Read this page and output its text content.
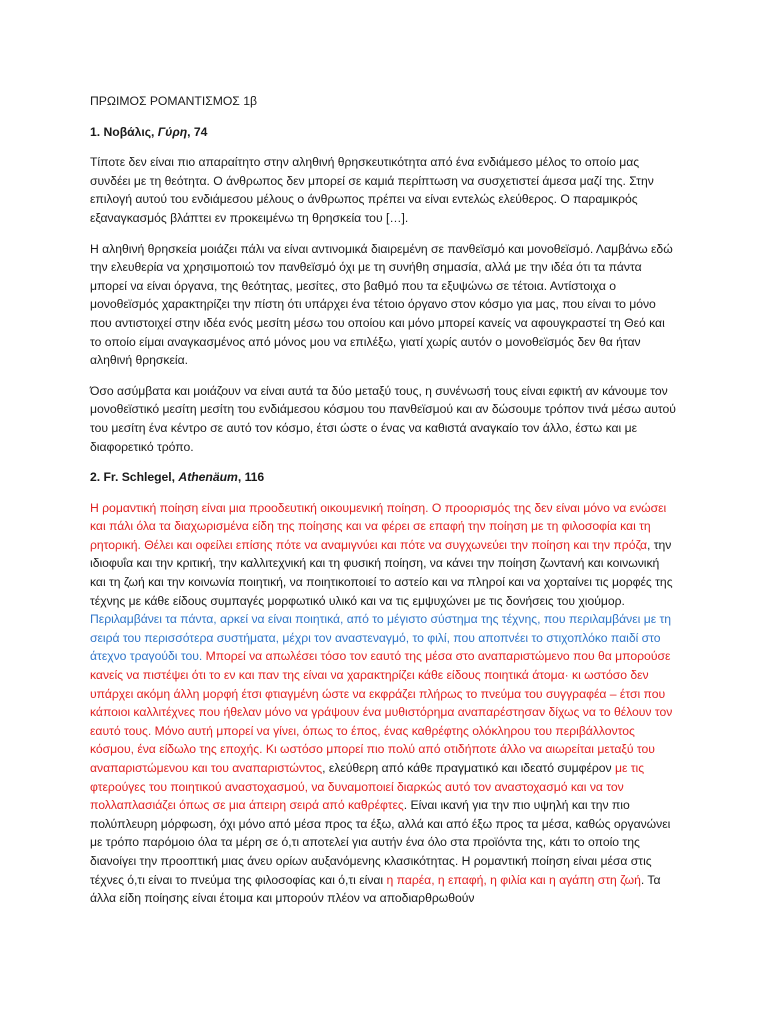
ΠΡΩΙΜΟΣ ΡΟΜΑΝΤΙΣΜΟΣ 1β
1. Νοβάλις, Γύρη, 74

Τίποτε δεν είναι πιο απαραίτητο στην αληθινή θρησκευτικότητα από ένα ενδιάμεσο μέλος το οποίο μας συνδέει με τη θεότητα. Ο άνθρωπος δεν μπορεί σε καμιά περίπτωση να συσχετιστεί άμεσα μαζί της. Στην επιλογή αυτού του ενδιάμεσου μέλους ο άνθρωπος πρέπει να είναι εντελώς ελεύθερος. Ο παραμικρός εξαναγκασμός βλάπτει εν προκειμένω τη θρησκεία του […].

Η αληθινή θρησκεία μοιάζει πάλι να είναι αντινομικά διαιρεμένη σε πανθεϊσμό και μονοθεϊσμό. Λαμβάνω εδώ την ελευθερία να χρησιμοποιώ τον πανθεϊσμό όχι με τη συνήθη σημασία, αλλά με την ιδέα ότι τα πάντα μπορεί να είναι όργανα, της θεότητας, μεσίτες, στο βαθμό που τα εξυψώνω σε τέτοια. Αντίστοιχα ο μονοθεϊσμός χαρακτηρίζει την πίστη ότι υπάρχει ένα τέτοιο όργανο στον κόσμο για μας, που είναι το μόνο που αντιστοιχεί στην ιδέα ενός μεσίτη μέσω του οποίου και μόνο μπορεί κανείς να αφουγκραστεί τη Θεό και το οποίο είμαι αναγκασμένος από μόνος μου να επιλέξω, γιατί χωρίς αυτόν ο μονοθεϊσμός δεν θα ήταν αληθινή θρησκεία.

Όσο ασύμβατα και μοιάζουν να είναι αυτά τα δύο μεταξύ τους, η συνένωσή τους είναι εφικτή αν κάνουμε τον μονοθεϊστικό μεσίτη μεσίτη του ενδιάμεσου κόσμου του πανθεϊσμού και αν δώσουμε τρόπον τινά μέσω αυτού του μεσίτη ένα κέντρο σε αυτό τον κόσμο, έτσι ώστε ο ένας να καθιστά αναγκαίο τον άλλο, έστω και με διαφορετικό τρόπο.

2. Fr. Schlegel, Athenäum, 116

Η ρομαντική ποίηση είναι μια προοδευτική οικουμενική ποίηση. Ο προορισμός της δεν είναι μόνο να ενώσει και πάλι όλα τα διαχωρισμένα είδη της ποίησης και να φέρει σε επαφή την ποίηση με τη φιλοσοφία και τη ρητορική. Θέλει και οφείλει επίσης πότε να αναμιγνύει και πότε να συγχωνεύει την ποίηση και την πρόζα, την ιδιοφυΐα και την κριτική, την καλλιτεχνική και τη φυσική ποίηση, να κάνει την ποίηση ζωντανή και κοινωνική και τη ζωή και την κοινωνία ποιητική, να ποιητικοποιεί το αστείο και να πληροί και να χορταίνει τις μορφές της τέχνης με κάθε είδους συμπαγές μορφωτικό υλικό και να τις εμψυχώνει με τις δονήσεις του χιούμορ. Περιλαμβάνει τα πάντα, αρκεί να είναι ποιητικά, από το μέγιστο σύστημα της τέχνης, που περιλαμβάνει με τη σειρά του περισσότερα συστήματα, μέχρι τον αναστεναγμό, το φιλί, που αποπνέει το στιχοπλόκο παιδί στο άτεχνο τραγούδι του. Μπορεί να απωλέσει τόσο τον εαυτό της μέσα στο αναπαριστώμενο που θα μπορούσε κανείς να πιστέψει ότι το εν και παν της είναι να χαρακτηρίζει κάθε είδους ποιητικά άτομα· κι ωστόσο δεν υπάρχει ακόμη άλλη μορφή έτσι φτιαγμένη ώστε να εκφράζει πλήρως το πνεύμα του συγγραφέα – έτσι που κάποιοι καλλιτέχνες που ήθελαν μόνο να γράψουν ένα μυθιστόρημα αναπαρέστησαν δίχως να το θέλουν τον εαυτό τους. Μόνο αυτή μπορεί να γίνει, όπως το έπος, ένας καθρέφτης ολόκληρου του περιβάλλοντος κόσμου, ένα είδωλο της εποχής. Κι ωστόσο μπορεί πιο πολύ από οτιδήποτε άλλο να αιωρείται μεταξύ του αναπαριστώμενου και του αναπαριστώντος, ελεύθερη από κάθε πραγματικό και ιδεατό συμφέρον με τις φτερούγες του ποιητικού αναστοχασμού, να δυναμοποιεί διαρκώς αυτό τον αναστοχασμό και να τον πολλαπλασιάζει όπως σε μια άπειρη σειρά από καθρέφτες. Είναι ικανή για την πιο υψηλή και την πιο πολύπλευρη μόρφωση, όχι μόνο από μέσα προς τα έξω, αλλά και από έξω προς τα μέσα, καθώς οργανώνει με τρόπο παρόμοιο όλα τα μέρη σε ό,τι αποτελεί για αυτήν ένα όλο στα προϊόντα της, κάτι το οποίο της διανοίγει την προοπτική μιας άνευ ορίων αυξανόμενης κλασικότητας. Η ρομαντική ποίηση είναι μέσα στις τέχνες ό,τι είναι το πνεύμα της φιλοσοφίας και ό,τι είναι η παρέα, η επαφή, η φιλία και η αγάπη στη ζωή. Τα άλλα είδη ποίησης είναι έτοιμα και μπορούν πλέον να αποδιαρθρωθούν
